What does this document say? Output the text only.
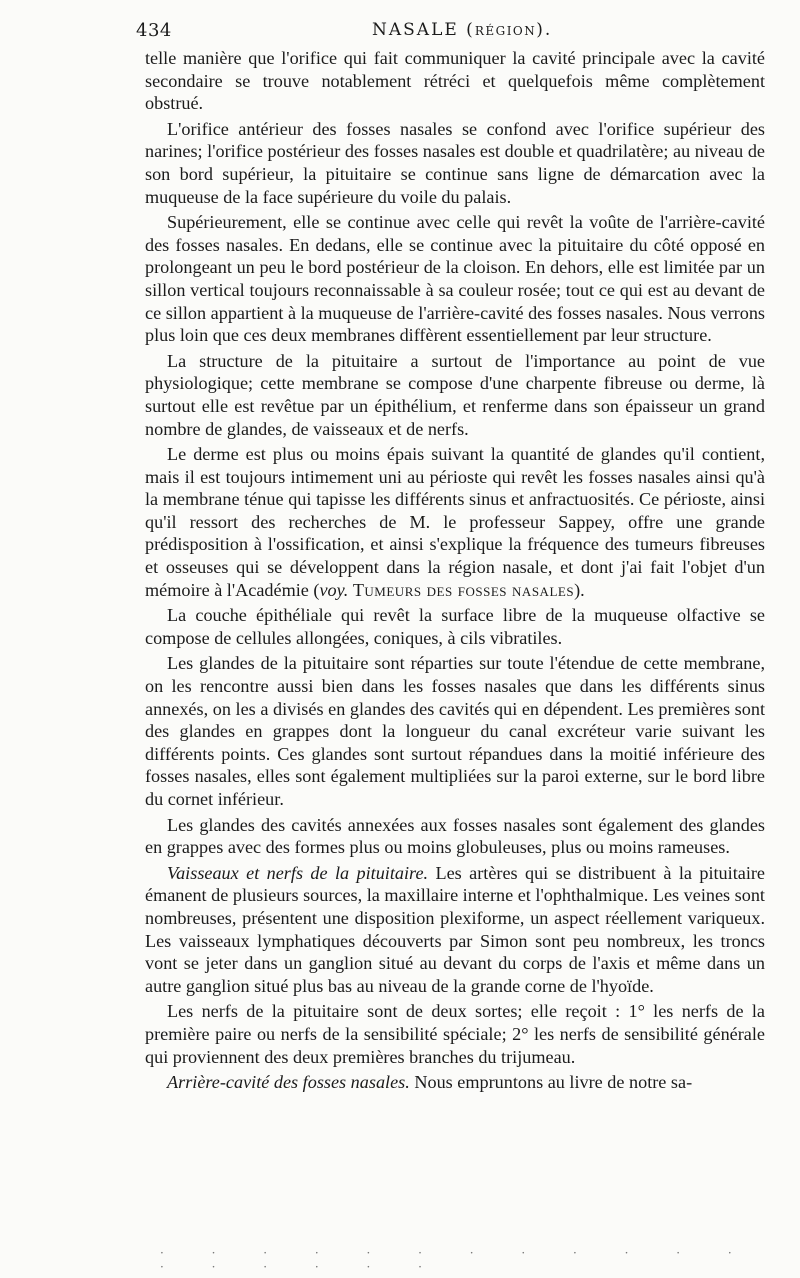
434	NASALE (RÉGION).

telle manière que l'orifice qui fait communiquer la cavité principale avec la cavité secondaire se trouve notablement rétréci et quelquefois même complètement obstrué.

L'orifice antérieur des fosses nasales se confond avec l'orifice supérieur des narines; l'orifice postérieur des fosses nasales est double et quadrilatère; au niveau de son bord supérieur, la pituitaire se continue sans ligne de démarcation avec la muqueuse de la face supérieure du voile du palais.

Supérieurement, elle se continue avec celle qui revêt la voûte de l'arrière-cavité des fosses nasales. En dedans, elle se continue avec la pituitaire du côté opposé en prolongeant un peu le bord postérieur de la cloison. En dehors, elle est limitée par un sillon vertical toujours reconnaissable à sa couleur rosée; tout ce qui est au devant de ce sillon appartient à la muqueuse de l'arrière-cavité des fosses nasales. Nous verrons plus loin que ces deux membranes diffèrent essentiellement par leur structure.

La structure de la pituitaire a surtout de l'importance au point de vue physiologique; cette membrane se compose d'une charpente fibreuse ou derme, là surtout elle est revêtue par un épithélium, et renferme dans son épaisseur un grand nombre de glandes, de vaisseaux et de nerfs.

Le derme est plus ou moins épais suivant la quantité de glandes qu'il contient, mais il est toujours intimement uni au périoste qui revêt les fosses nasales ainsi qu'à la membrane ténue qui tapisse les différents sinus et anfractuosités. Ce périoste, ainsi qu'il ressort des recherches de M. le professeur Sappey, offre une grande prédisposition à l'ossification, et ainsi s'explique la fréquence des tumeurs fibreuses et osseuses qui se développent dans la région nasale, et dont j'ai fait l'objet d'un mémoire à l'Académie (voy. Tumeurs des fosses nasales).

La couche épithéliale qui revêt la surface libre de la muqueuse olfactive se compose de cellules allongées, coniques, à cils vibratiles.

Les glandes de la pituitaire sont réparties sur toute l'étendue de cette membrane, on les rencontre aussi bien dans les fosses nasales que dans les différents sinus annexés, on les a divisés en glandes des cavités qui en dépendent. Les premières sont des glandes en grappes dont la longueur du canal excréteur varie suivant les différents points. Ces glandes sont surtout répandues dans la moitié inférieure des fosses nasales, elles sont également multipliées sur la paroi externe, sur le bord libre du cornet inférieur.

Les glandes des cavités annexées aux fosses nasales sont également des glandes en grappes avec des formes plus ou moins globuleuses, plus ou moins rameuses.

Vaisseaux et nerfs de la pituitaire. Les artères qui se distribuent à la pituitaire émanent de plusieurs sources, la maxillaire interne et l'ophthalmique. Les veines sont nombreuses, présentent une disposition plexiforme, un aspect réellement variqueux. Les vaisseaux lymphatiques découverts par Simon sont peu nombreux, les troncs vont se jeter dans un ganglion situé au devant du corps de l'axis et même dans un autre ganglion situé plus bas au niveau de la grande corne de l'hyoïde.

Les nerfs de la pituitaire sont de deux sortes; elle reçoit : 1° les nerfs de la première paire ou nerfs de la sensibilité spéciale; 2° les nerfs de sensibilité générale qui proviennent des deux premières branches du trijumeau.

Arrière-cavité des fosses nasales. Nous empruntons au livre de notre sa-

· · · · · · · · · · · · · · · · · ·
